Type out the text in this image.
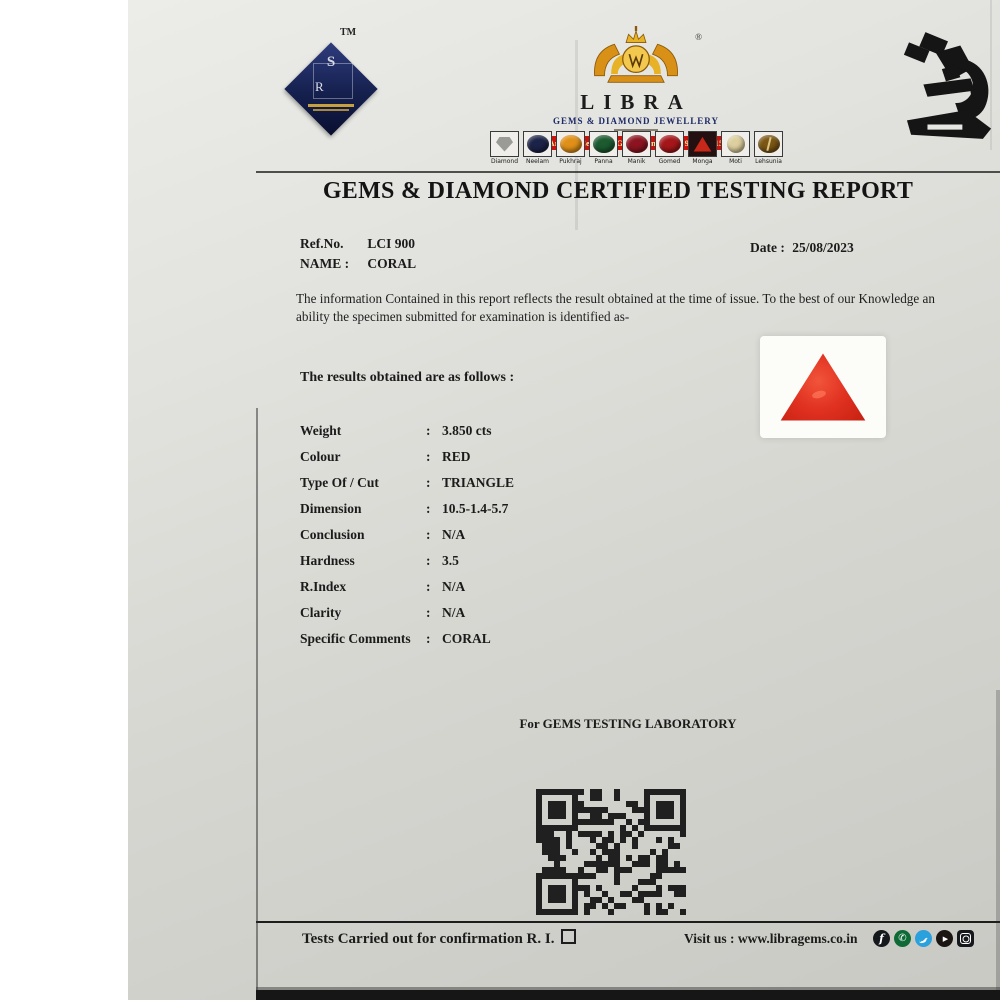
S
R
TM	®
LIBRA
GEMS & DIAMOND JEWELLERY
An
Diamond Neelam Pukhraj Panna Manik Gomed Monga	Moti Lehsunia
GEMS & DIAMOND CERTIFIED TESTING REPORT
Ref.No. LCI 900
NAME : CORAL
Date : 25/08/2023
The information Contained in this report reflects the result obtained at the time of issue. To the best of our Knowledge an ability the specimen submitted for examination is identified as-
The results obtained are as follows :
Weight	: 3.850 cts
Colour	: RED
Type Of / Cut	: TRIANGLE
Dimension	: 10.5-1.4-5.7
Conclusion	: N/A
Hardness	: 3.5
R.Index	: N/A
Clarity	: N/A
Specific Comments : CORAL
For GEMS TESTING LABORATORY
Tests Carried out for confirmation R. I.	Visit us : www.libragems.co.in
f
✆
▶
